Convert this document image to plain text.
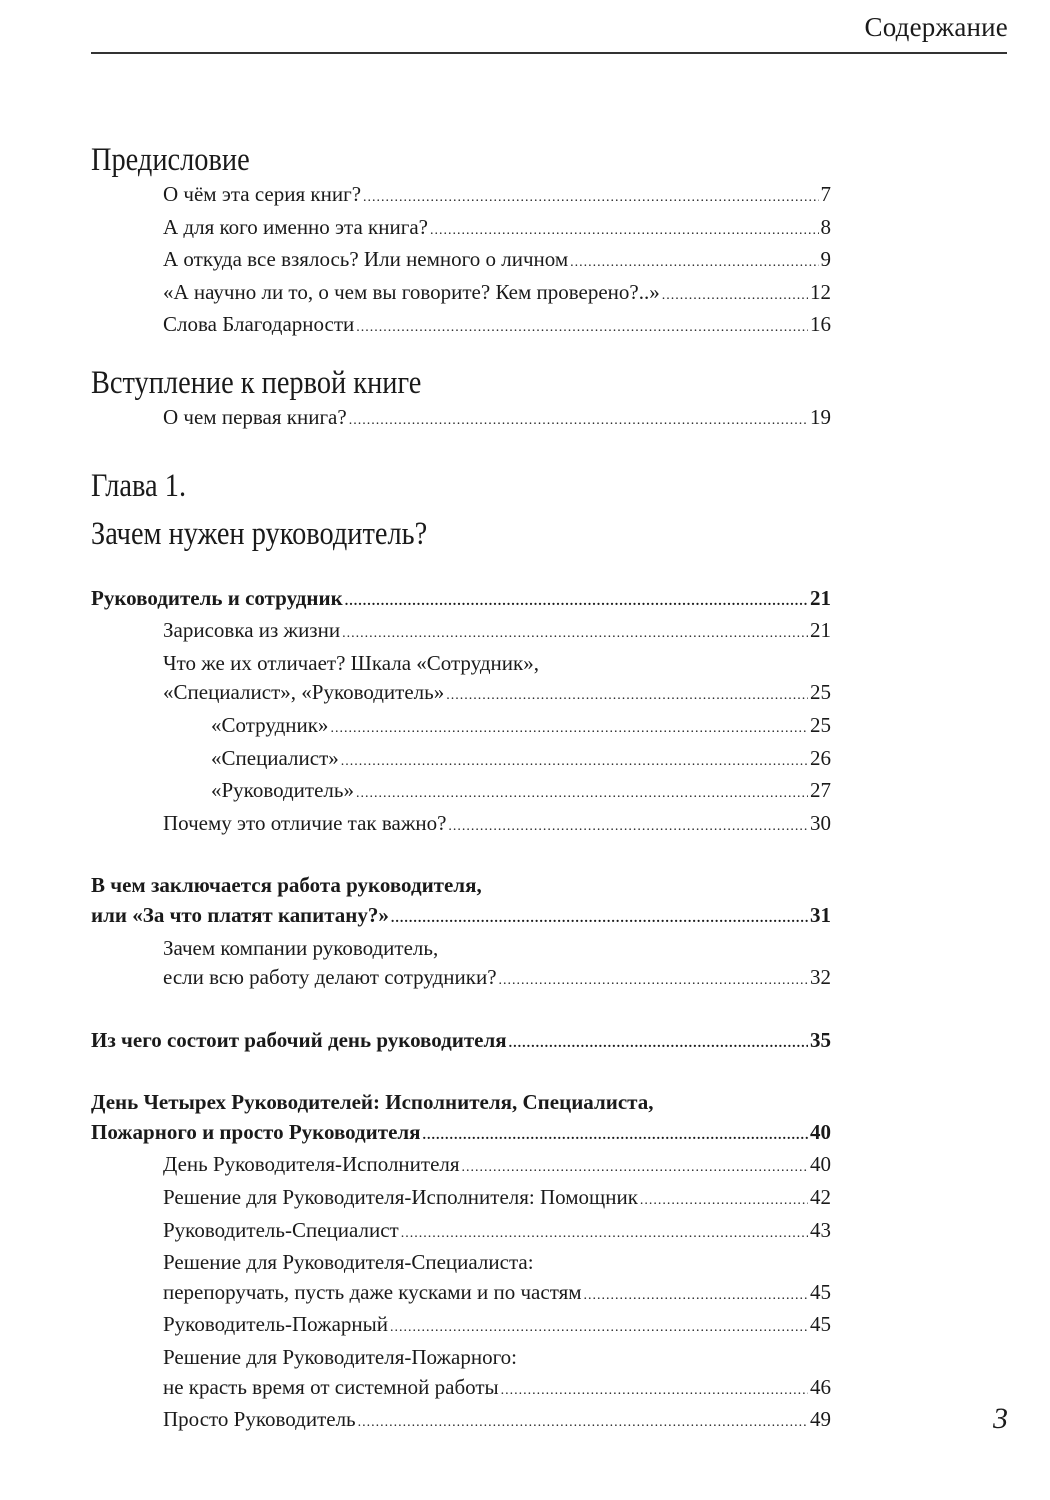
Содержание
Предисловие
О чём эта серия книг? .....	7
А для кого именно эта книга? .....	8
А откуда все взялось? Или немного о личном .....	9
«А научно ли то, о чем вы говорите? Кем проверено?..» .....	12
Слова Благодарности .....	16
Вступление к первой книге
О чем первая книга? .....	19
Глава 1.
Зачем нужен руководитель?
Руководитель и сотрудник .....	21
Зарисовка из жизни .....	21
Что же их отличает? Шкала «Сотрудник»,
«Специалист», «Руководитель» .....	25
«Сотрудник» .....	25
«Специалист» .....	26
«Руководитель» .....	27
Почему это отличие так важно? .....	30
В чем заключается работа руководителя,
или «За что платят капитану?» .....	31
Зачем компании руководитель,
если всю работу делают сотрудники? .....	32
Из чего состоит рабочий день руководителя .....	35
День Четырех Руководителей: Исполнителя, Специалиста,
Пожарного и просто Руководителя .....	40
День Руководителя-Исполнителя .....	40
Решение для Руководителя-Исполнителя: Помощник .....	42
Руководитель-Специалист .....	43
Решение для Руководителя-Специалиста:
перепоручать, пусть даже кусками и по частям .....	45
Руководитель-Пожарный .....	45
Решение для Руководителя-Пожарного:
не красть время от системной работы .....	46
Просто Руководитель .....	49	3
